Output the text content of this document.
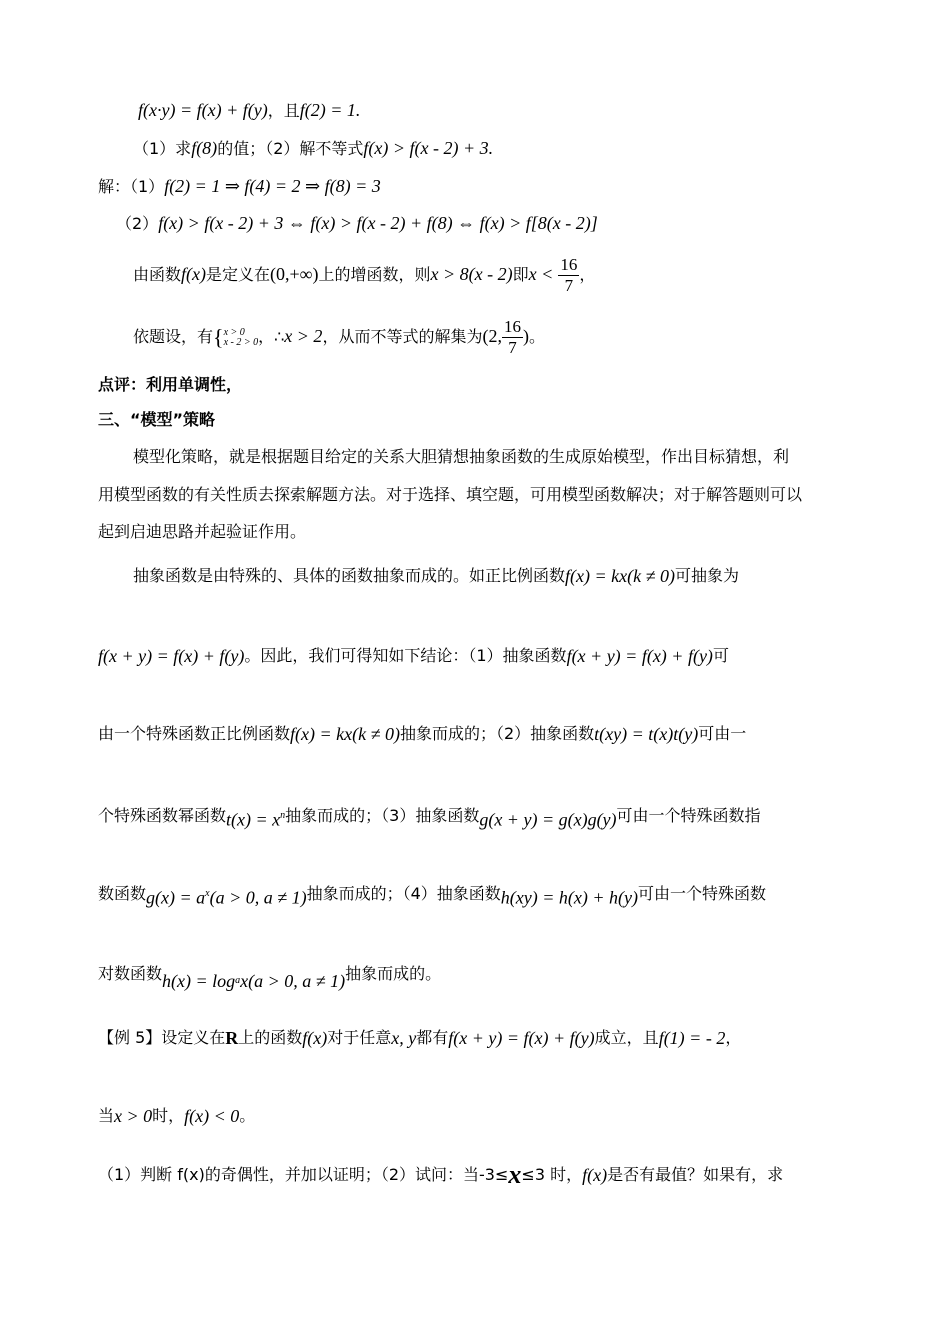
f(x·y) = f(x) + f(y)，且f(2) = 1.
（1）求f(8)的值；（2）解不等式f(x) > f(x - 2) + 3.
解：（1）f(2) = 1 ⇒ f(4) = 2 ⇒ f(8) = 3
（2）f(x) > f(x - 2) + 3 ⇔ f(x) > f(x - 2) + f(8) ⇔ f(x) > f[8(x - 2)]
由函数f(x)是定义在(0,+∞)上的增函数，则x > 8(x - 2)即$x < \frac{16}{7}$ ，
依题设，有{ x > 0
x - 2 > 0 ，∴x > 2，从而不等式的解集为(2, $\frac{16}{7}$ )。
点评：利用单调性，
三、“模型”策略
模型化策略，就是根据题目给定的关系大胆猜想抽象函数的生成原始模型，作出目标猜想，利
用模型函数的有关性质去探索解题方法。对于选择、填空题，可用模型函数解决；对于解答题则可以
起到启迪思路并起验证作用。
抽象函数是由特殊的、具体的函数抽象而成的。如正比例函数f(x) = kx(k ≠ 0)可抽象为
f(x + y) = f(x) + f(y)。因此，我们可得知如下结论：（1）抽象函数f(x + y) = f(x) + f(y)可
由一个特殊函数正比例函数f(x) = kx(k ≠ 0)抽象而成的；（2）抽象函数t(xy) = t(x)t(y)可由一
个特殊函数幂函数$t(x) = x^n$抽象而成的；（3）抽象函数g(x + y) = g(x)g(y)可由一个特殊函数指
数函数$g(x) = a^x(a > 0$, a ≠ 1)抽象而成的；（4）抽象函数h(xy) = h(x) + h(y)可由一个特殊函数
对数函数$h(x) = \log_ax(a > 0$, a ≠ 1)抽象而成的。
【例 5】设定义在R上的函数f(x)对于任意x, y都有f(x + y) = f(x) + f(y)成立，且f(1) = - 2，
当x > 0时，f(x) < 0。
（1）判断 f(x)的奇偶性，并加以证明；（2）试问：当-3≤x≤3 时，f(x)是否有最值？如果有，求
